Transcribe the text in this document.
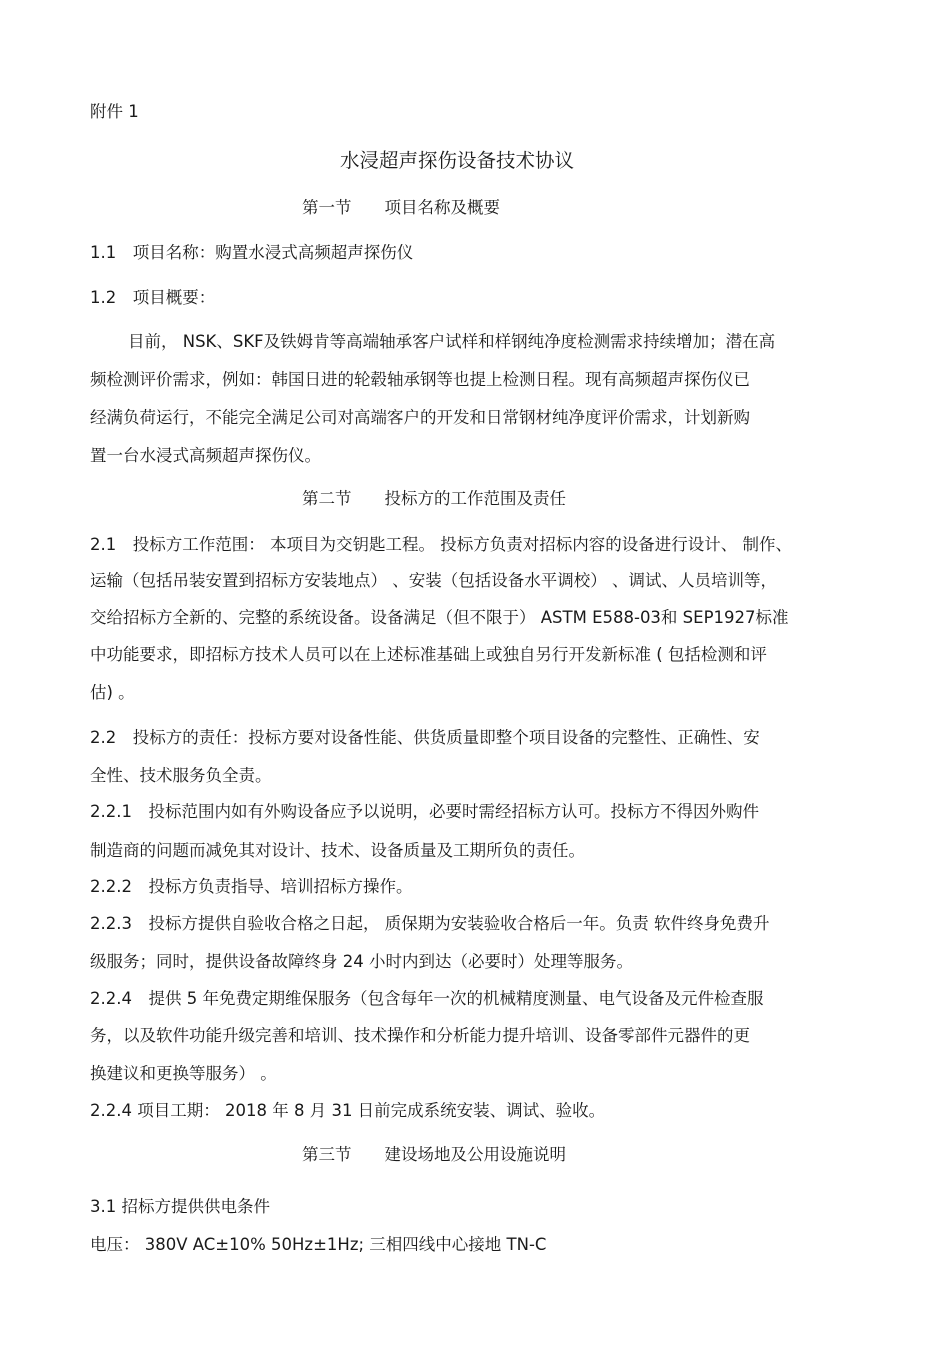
附件 1
水浸超声探伤设备技术协议
第一节　　项目名称及概要
1.1　项目名称：购置水浸式高频超声探伤仪
1.2　项目概要：
目前， NSK、SKF及铁姆肯等高端轴承客户试样和样钢纯净度检测需求持续增加；潜在高
频检测评价需求，例如：韩国日进的轮毂轴承钢等也提上检测日程。现有高频超声探伤仪已
经满负荷运行，不能完全满足公司对高端客户的开发和日常钢材纯净度评价需求，计划新购
置一台水浸式高频超声探伤仪。
第二节　　投标方的工作范围及责任
2.1　投标方工作范围： 本项目为交钥匙工程。 投标方负责对招标内容的设备进行设计、 制作、
运输（包括吊装安置到招标方安装地点） 、安装（包括设备水平调校） 、调试、人员培训等，
交给招标方全新的、完整的系统设备。设备满足（但不限于） ASTM E588-03和 SEP1927标准
中功能要求，即招标方技术人员可以在上述标准基础上或独自另行开发新标准 ( 包括检测和评
估) 。
2.2　投标方的责任：投标方要对设备性能、供货质量即整个项目设备的完整性、正确性、安
全性、技术服务负全责。
2.2.1　投标范围内如有外购设备应予以说明，必要时需经招标方认可。投标方不得因外购件
制造商的问题而减免其对设计、技术、设备质量及工期所负的责任。
2.2.2　投标方负责指导、培训招标方操作。
2.2.3　投标方提供自验收合格之日起， 质保期为安装验收合格后一年。负责 软件终身免费升
级服务；同时，提供设备故障终身 24 小时内到达（必要时）处理等服务。
2.2.4　提供 5 年免费定期维保服务（包含每年一次的机械精度测量、电气设备及元件检查服
务，以及软件功能升级完善和培训、技术操作和分析能力提升培训、设备零部件元器件的更
换建议和更换等服务） 。
2.2.4 项目工期： 2018 年 8 月 31 日前完成系统安装、调试、验收。
第三节　　建设场地及公用设施说明
3.1 招标方提供供电条件
电压： 380V AC±10% 50Hz±1Hz; 三相四线中心接地 TN-C
